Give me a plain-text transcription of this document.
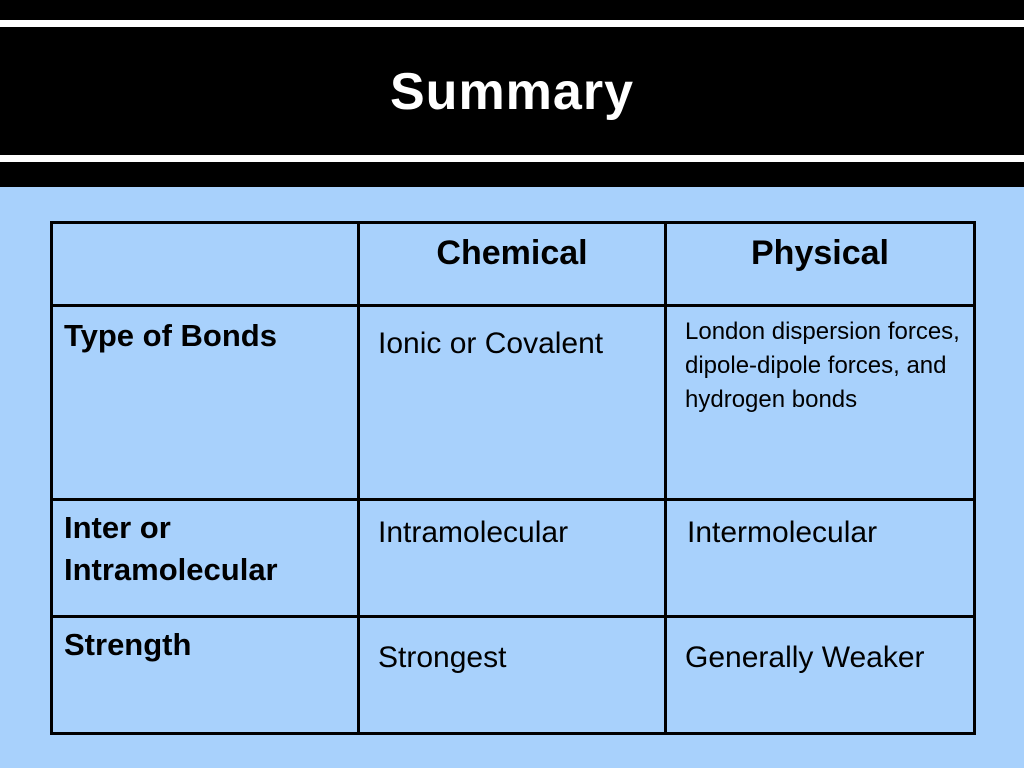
Summary
	Chemical	Physical
Type of Bonds	Ionic or Covalent	London dispersion forces, dipole-dipole forces, and hydrogen bonds

Inter or Intramolecular	Intramolecular	Intermolecular

Strength	Strongest	Generally Weaker
